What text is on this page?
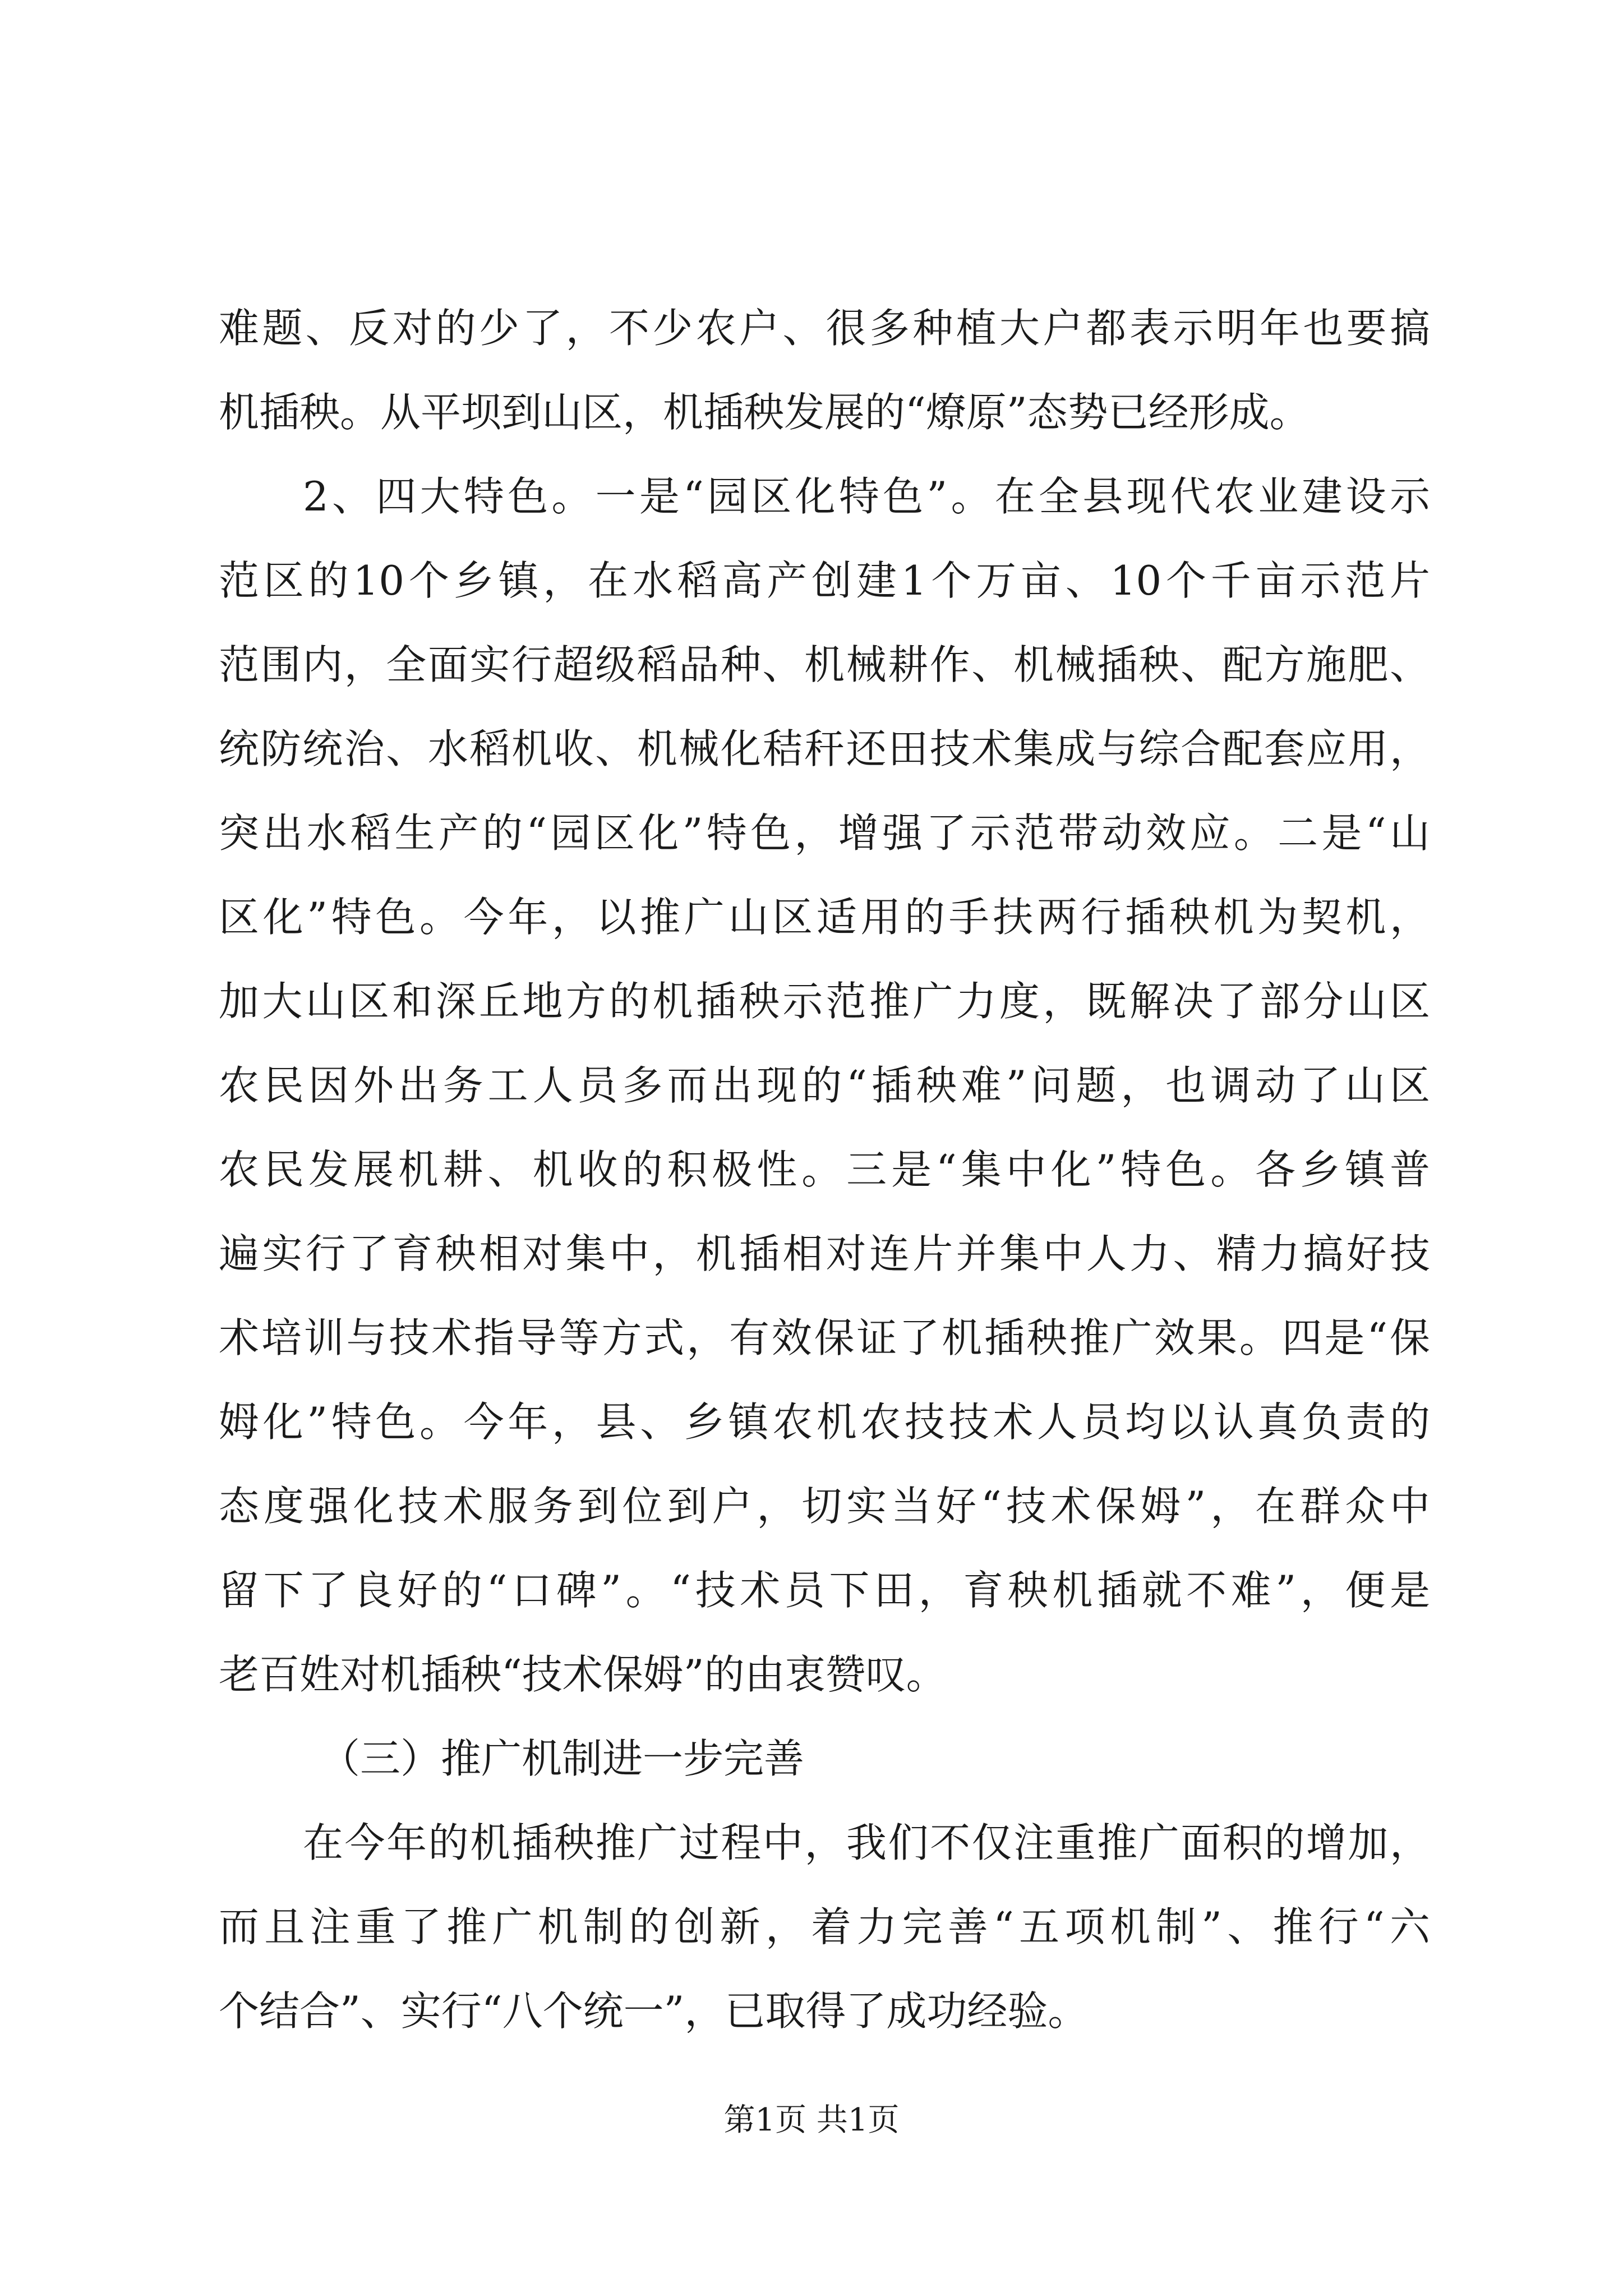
难题、反对的少了，不少农户、很多种植大户都表示明年也要搞
机插秧。从平坝到山区，机插秧发展的“燎原”态势已经形成。
2、四大特色。一是“园区化特色”。在全县现代农业建设示
范区的10个乡镇，在水稻高产创建1个万亩、10个千亩示范片
范围内，全面实行超级稻品种、机械耕作、机械插秧、配方施肥、
统防统治、水稻机收、机械化秸秆还田技术集成与综合配套应用，
突出水稻生产的“园区化”特色，增强了示范带动效应。二是“山
区化”特色。今年，以推广山区适用的手扶两行插秧机为契机，
加大山区和深丘地方的机插秧示范推广力度，既解决了部分山区
农民因外出务工人员多而出现的“插秧难”问题，也调动了山区
农民发展机耕、机收的积极性。三是“集中化”特色。各乡镇普
遍实行了育秧相对集中，机插相对连片并集中人力、精力搞好技
术培训与技术指导等方式，有效保证了机插秧推广效果。四是“保
姆化”特色。今年，县、乡镇农机农技技术人员均以认真负责的
态度强化技术服务到位到户，切实当好“技术保姆”，在群众中
留下了良好的“口碑”。“技术员下田，育秧机插就不难”，便是
老百姓对机插秧“技术保姆”的由衷赞叹。
（三）推广机制进一步完善
在今年的机插秧推广过程中，我们不仅注重推广面积的增加，
而且注重了推广机制的创新，着力完善“五项机制”、推行“六
个结合”、实行“八个统一”，已取得了成功经验。
第1页 共1页
